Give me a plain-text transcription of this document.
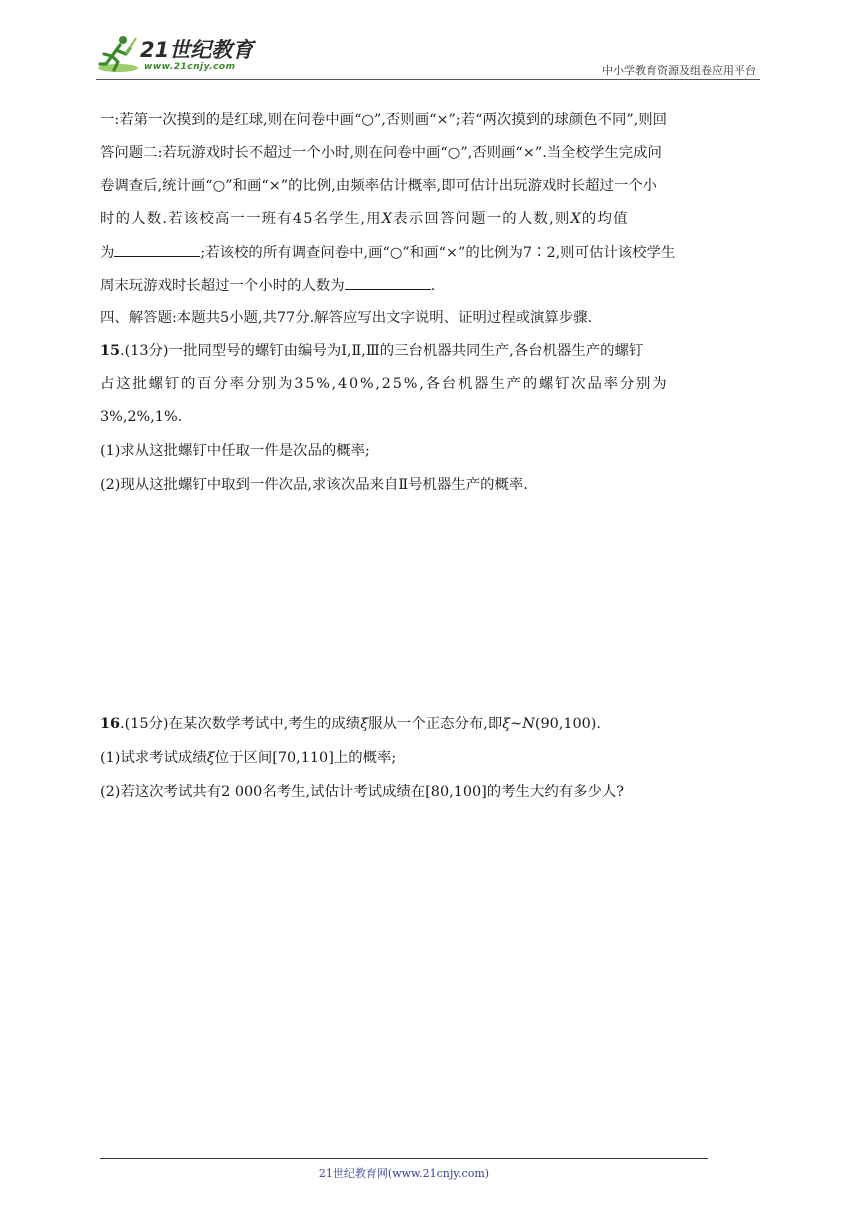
21世纪教育
www.21cnjy.com	中小学教育资源及组卷应用平台
一:若第一次摸到的是红球,则在问卷中画“○”,否则画“×”;若“两次摸到的球颜色不同”,则回
答问题二:若玩游戏时长不超过一个小时,则在问卷中画“○”,否则画“×”.当全校学生完成问
卷调查后,统计画“○”和画“×”的比例,由频率估计概率,即可估计出玩游戏时长超过一个小
时的人数.若该校高一一班有45名学生,用X表示回答问题一的人数,则X的均值
为	;若该校的所有调查问卷中,画“○”和画“×”的比例为7∶2,则可估计该校学生
周末玩游戏时长超过一个小时的人数为	.
四、解答题:本题共5小题,共77分.解答应写出文字说明、证明过程或演算步骤.
15.(13分)一批同型号的螺钉由编号为Ⅰ,Ⅱ,Ⅲ的三台机器共同生产,各台机器生产的螺钉
占这批螺钉的百分率分别为35%,40%,25%,各台机器生产的螺钉次品率分别为
3%,2%,1%.
(1)求从这批螺钉中任取一件是次品的概率;
(2)现从这批螺钉中取到一件次品,求该次品来自Ⅱ号机器生产的概率.
16.(15分)在某次数学考试中,考生的成绩ξ服从一个正态分布,即ξ~N(90,100).
(1)试求考试成绩ξ位于区间[70,110]上的概率;
(2)若这次考试共有2 000名考生,试估计考试成绩在[80,100]的考生大约有多少人?
21世纪教育网(www.21cnjy.com)
